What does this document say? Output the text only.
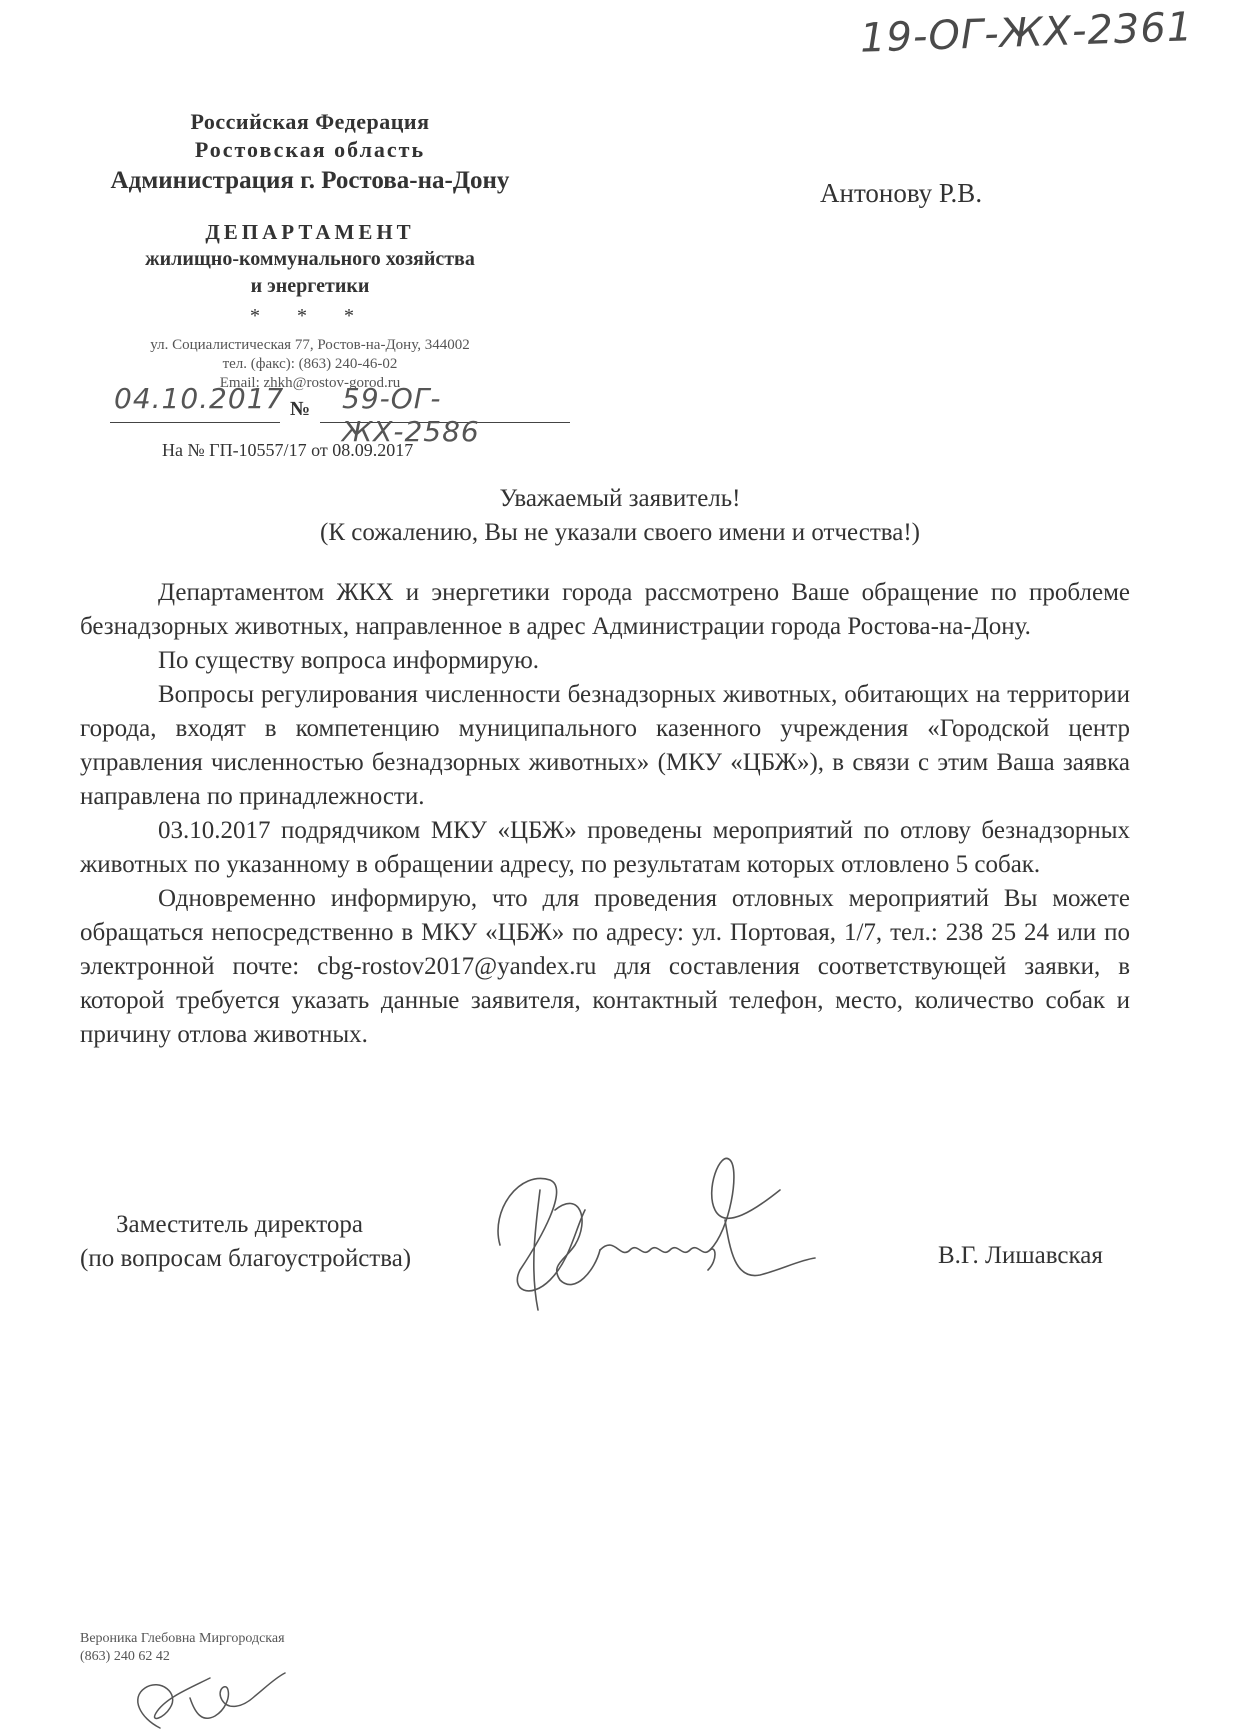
19-ОГ-ЖХ-2361
Российская Федерация
Ростовская область
Администрация г. Ростова-на-Дону
ДЕПАРТАМЕНТ
жилищно-коммунального хозяйства
и энергетики
* * *
ул. Социалистическая 77, Ростов-на-Дону, 344002
тел. (факс): (863) 240-46-02
Email: zhkh@rostov-gorod.ru
Антонову Р.В.
04.10.2017 № 59-ОГ-ЖХ-2586
На № ГП-10557/17 от 08.09.2017
Уважаемый заявитель!
(К сожалению, Вы не указали своего имени и отчества!)

Департаментом ЖКХ и энергетики города рассмотрено Ваше обращение по проблеме безнадзорных животных, направленное в адрес Администрации города Ростова-на-Дону.

По существу вопроса информирую.

Вопросы регулирования численности безнадзорных животных, обитающих на территории города, входят в компетенцию муниципального казенного учреждения «Городской центр управления численностью безнадзорных животных» (МКУ «ЦБЖ»), в связи с этим Ваша заявка направлена по принадлежности.

03.10.2017 подрядчиком МКУ «ЦБЖ» проведены мероприятий по отлову безнадзорных животных по указанному в обращении адресу, по результатам которых отловлено 5 собак.

Одновременно информирую, что для проведения отловных мероприятий Вы можете обращаться непосредственно в МКУ «ЦБЖ» по адресу: ул. Портовая, 1/7, тел.: 238 25 24 или по электронной почте: cbg-rostov2017@yandex.ru для составления соответствующей заявки, в которой требуется указать данные заявителя, контактный телефон, место, количество собак и причину отлова животных.

Заместитель директора
(по вопросам благоустройства)	В.Г. Лишавская
Вероника Глебовна Миргородская
(863) 240 62 42
